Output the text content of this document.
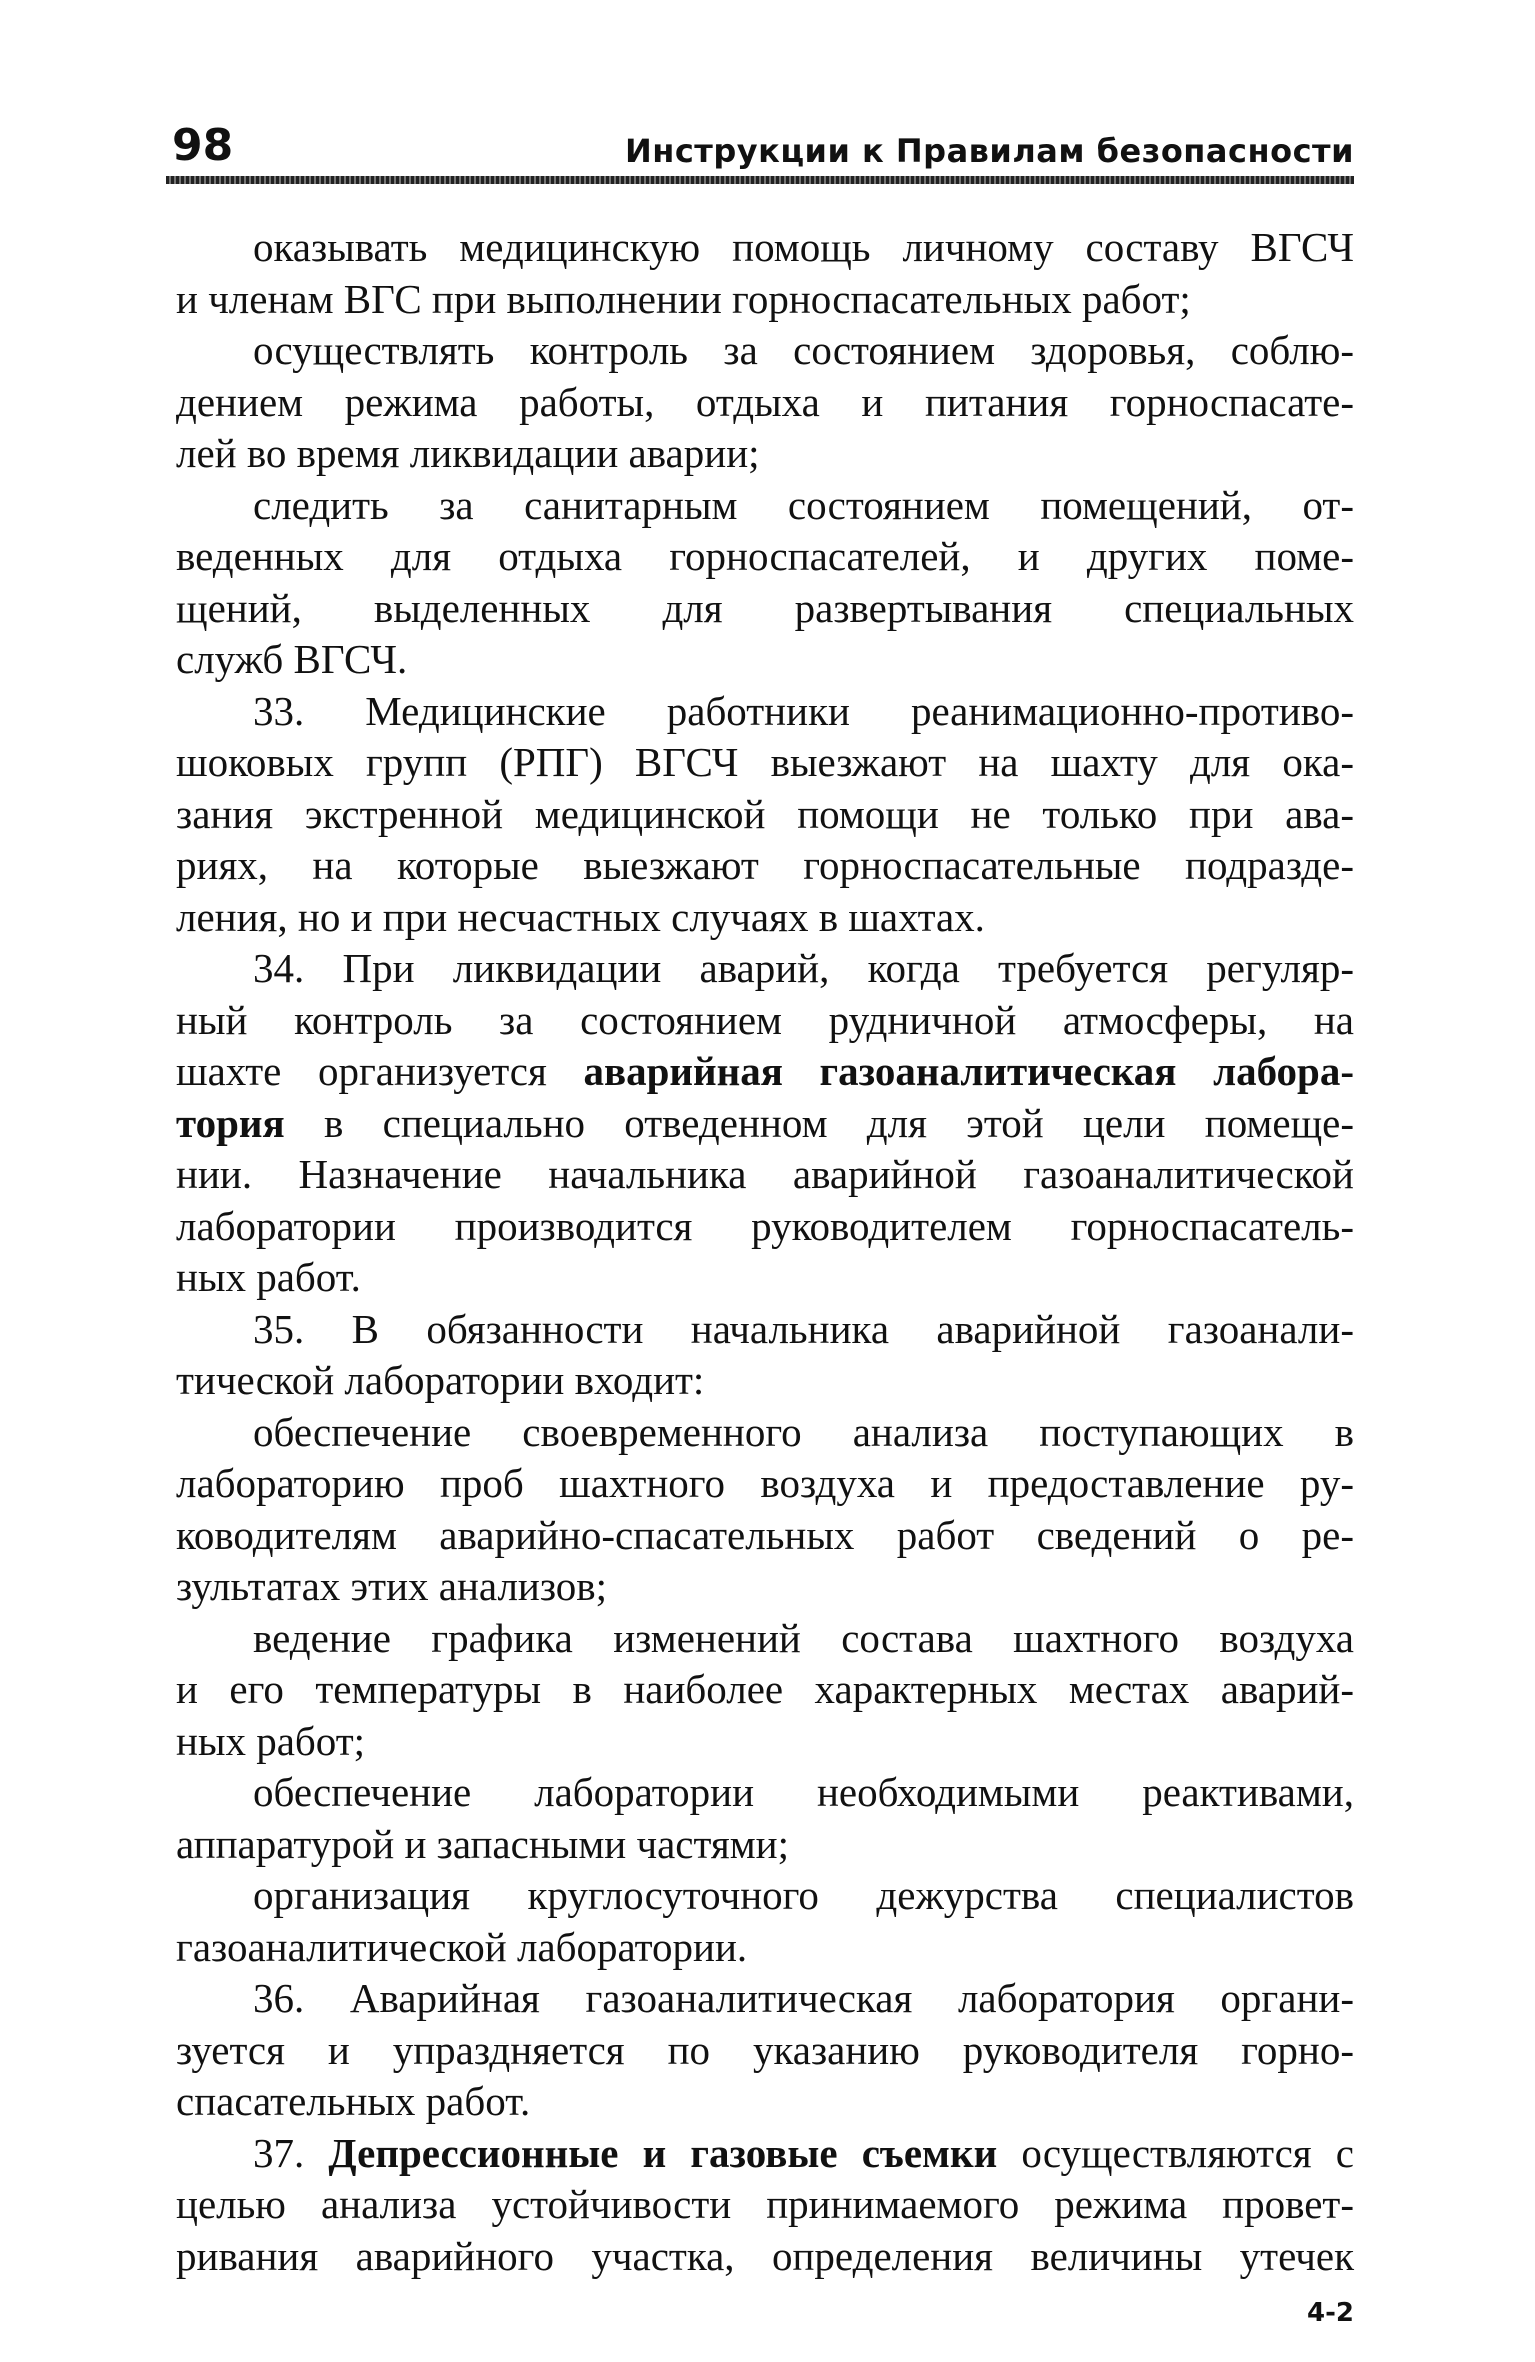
98	Инструкции к Правилам безопасности
оказывать медицинскую помощь личному составу ВГСЧ
и членам ВГС при выполнении горноспасательных работ;
осуществлять контроль за состоянием здоровья, соблю-
дением режима работы, отдыха и питания горноспасате-
лей во время ликвидации аварии;
следить за санитарным состоянием помещений, от-
веденных для отдыха горноспасателей, и других поме-
щений, выделенных для развертывания специальных
служб ВГСЧ.
33. Медицинские работники реанимационно-противо-
шоковых групп (РПГ) ВГСЧ выезжают на шахту для ока-
зания экстренной медицинской помощи не только при ава-
риях, на которые выезжают горноспасательные подразде-
ления, но и при несчастных случаях в шахтах.
34. При ликвидации аварий, когда требуется регуляр-
ный контроль за состоянием рудничной атмосферы, на
шахте организуется аварийная газоаналитическая лабора-
тория в специально отведенном для этой цели помеще-
нии. Назначение начальника аварийной газоаналитической
лаборатории производится руководителем горноспасатель-
ных работ.
35. В обязанности начальника аварийной газоанали-
тической лаборатории входит:
обеспечение своевременного анализа поступающих в
лабораторию проб шахтного воздуха и предоставление ру-
ководителям аварийно-спасательных работ сведений о ре-
зультатах этих анализов;
ведение графика изменений состава шахтного воздуха
и его температуры в наиболее характерных местах аварий-
ных работ;
обеспечение лаборатории необходимыми реактивами,
аппаратурой и запасными частями;
организация круглосуточного дежурства специалистов
газоаналитической лаборатории.
36. Аварийная газоаналитическая лаборатория органи-
зуется и упраздняется по указанию руководителя горно-
спасательных работ.
37. Депрессионные и газовые съемки осуществляются с
целью анализа устойчивости принимаемого режима провет-
ривания аварийного участка, определения величины утечек
4-2
